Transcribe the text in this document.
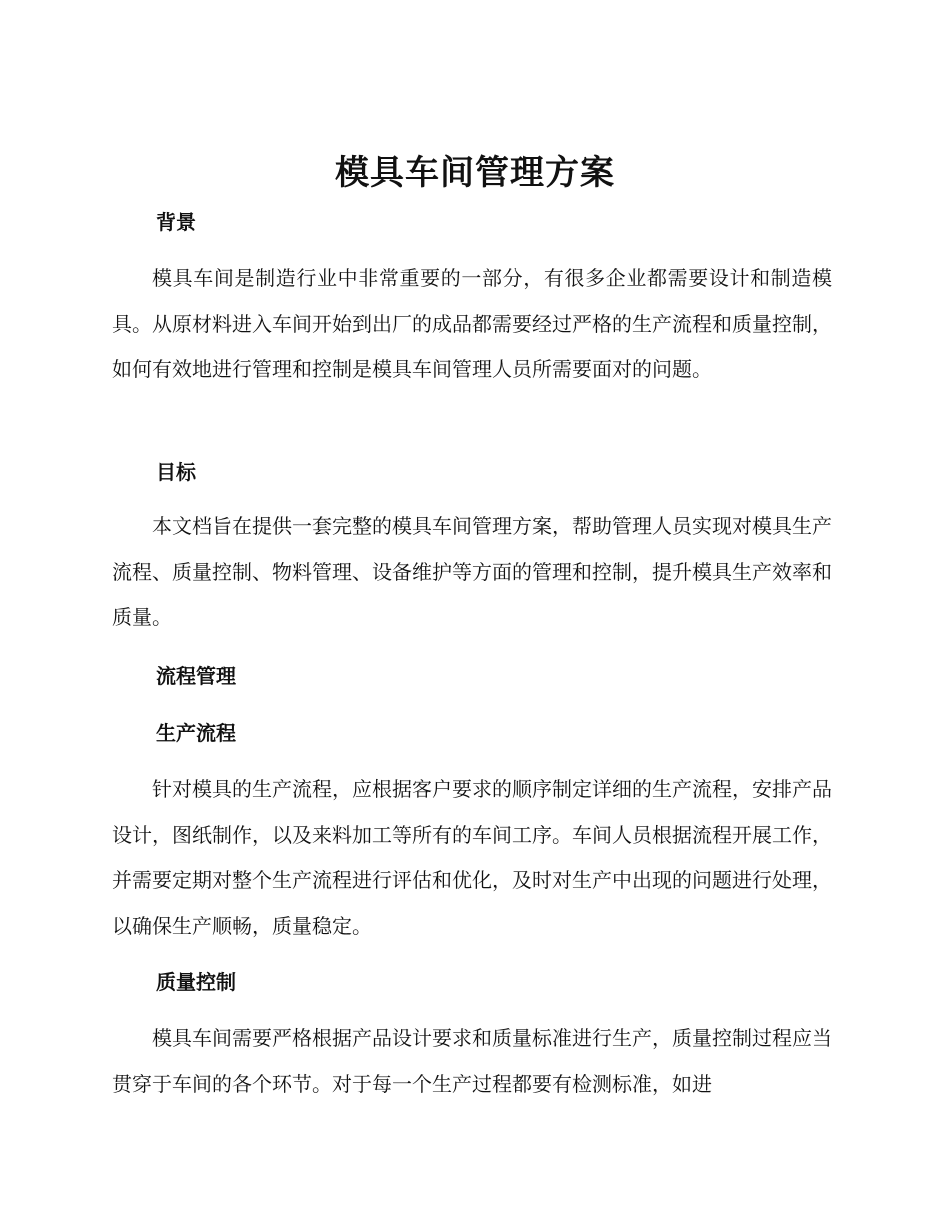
模具车间管理方案
背景

模具车间是制造行业中非常重要的一部分，有很多企业都需要设计和制造模具。从原材料进入车间开始到出厂的成品都需要经过严格的生产流程和质量控制，如何有效地进行管理和控制是模具车间管理人员所需要面对的问题。

目标

本文档旨在提供一套完整的模具车间管理方案，帮助管理人员实现对模具生产流程、质量控制、物料管理、设备维护等方面的管理和控制，提升模具生产效率和质量。

流程管理
生产流程

针对模具的生产流程，应根据客户要求的顺序制定详细的生产流程，安排产品设计，图纸制作，以及来料加工等所有的车间工序。车间人员根据流程开展工作，并需要定期对整个生产流程进行评估和优化，及时对生产中出现的问题进行处理，以确保生产顺畅，质量稳定。

质量控制

模具车间需要严格根据产品设计要求和质量标准进行生产，质量控制过程应当贯穿于车间的各个环节。对于每一个生产过程都要有检测标准，如进
